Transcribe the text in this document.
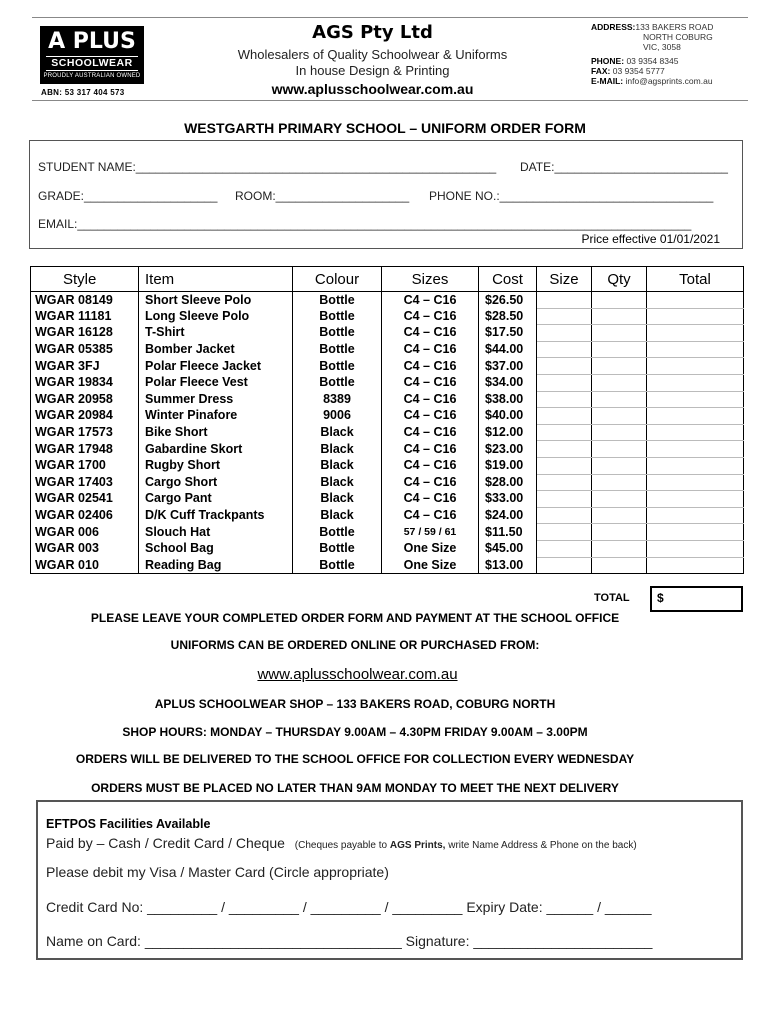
A PLUS
SCHOOLWEAR
PROUDLY AUSTRALIAN OWNED
ABN: 53 317 404 573
AGS Pty Ltd
Wholesalers of Quality Schoolwear & Uniforms
In house Design & Printing
www.aplusschoolwear.com.au
ADDRESS:133 BAKERS ROAD
NORTH COBURG
VIC, 3058
PHONE: 03 9354 8345
FAX: 03 9354 5777
E-MAIL: info@agsprints.com.au
WESTGARTH PRIMARY SCHOOL – UNIFORM ORDER FORM
STUDENT NAME:______________________________________________________ DATE:__________________________
GRADE:____________________ ROOM:____________________ PHONE NO.:________________________________
EMAIL:____________________________________________________________________________________________
Price effective 01/01/2021
Style	Item	Colour	Sizes	Cost	Size	Qty	Total
WGAR 08149	Short Sleeve Polo	Bottle	C4 – C16	$26.50			
WGAR 11181	Long Sleeve Polo	Bottle	C4 – C16	$28.50			
WGAR 16128	T-Shirt	Bottle	C4 – C16	$17.50			
WGAR 05385	Bomber Jacket	Bottle	C4 – C16	$44.00			
WGAR 3FJ	Polar Fleece Jacket	Bottle	C4 – C16	$37.00			
WGAR 19834	Polar Fleece Vest	Bottle	C4 – C16	$34.00			
WGAR 20958	Summer Dress	8389	C4 – C16	$38.00			
WGAR 20984	Winter Pinafore	9006	C4 – C16	$40.00			
WGAR 17573	Bike Short	Black	C4 – C16	$12.00			
WGAR 17948	Gabardine Skort	Black	C4 – C16	$23.00			
WGAR 1700	Rugby Short	Black	C4 – C16	$19.00			
WGAR 17403	Cargo Short	Black	C4 – C16	$28.00			
WGAR 02541	Cargo Pant	Black	C4 – C16	$33.00			
WGAR 02406	D/K Cuff Trackpants	Black	C4 – C16	$24.00			
WGAR 006	Slouch Hat	Bottle	57 / 59 / 61	$11.50			
WGAR 003	School Bag	Bottle	One Size	$45.00			
WGAR 010	Reading Bag	Bottle	One Size	$13.00			
TOTAL	$
PLEASE LEAVE YOUR COMPLETED ORDER FORM AND PAYMENT AT THE SCHOOL OFFICE
UNIFORMS CAN BE ORDERED ONLINE OR PURCHASED FROM:
www.aplusschoolwear.com.au
APLUS SCHOOLWEAR SHOP – 133 BAKERS ROAD, COBURG NORTH
SHOP HOURS: MONDAY – THURSDAY 9.00AM – 4.30PM FRIDAY 9.00AM – 3.00PM
ORDERS WILL BE DELIVERED TO THE SCHOOL OFFICE FOR COLLECTION EVERY WEDNESDAY
ORDERS MUST BE PLACED NO LATER THAN 9AM MONDAY TO MEET THE NEXT DELIVERY
EFTPOS Facilities Available
Paid by – Cash / Credit Card / Cheque (Cheques payable to AGS Prints, write Name Address & Phone on the back)
Please debit my Visa / Master Card (Circle appropriate)
Credit Card No: _________ / _________ / _________ / _________ Expiry Date: ______ / ______
Name on Card: _________________________________ Signature: _______________________
